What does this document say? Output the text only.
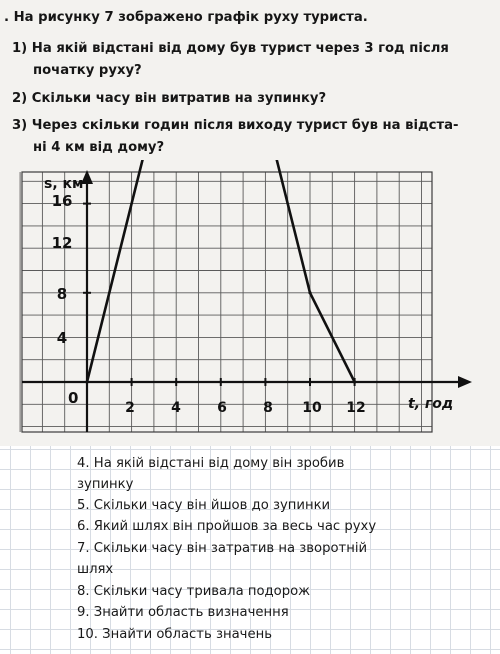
. На рисунку 7 зображено графік руху туриста.
1) На якій відстані від дому був турист через 3 год після
початку руху?
2) Скільки часу він витратив на зупинку?
3) Через скільки годин після виходу турист був на відста-
ні 4 км від дому?
s, км
t, год
0
2	4	6	8 10 12
4
8
12
16
4. На якій відстані від дому він зробив
зупинку
5. Скільки часу він йшов до зупинки
6. Який шлях він пройшов за весь час руху
7. Скільки часу він затратив на зворотній
шлях
8. Скільки часу тривала подорож
9. Знайти область визначення
10. Знайти область значень
